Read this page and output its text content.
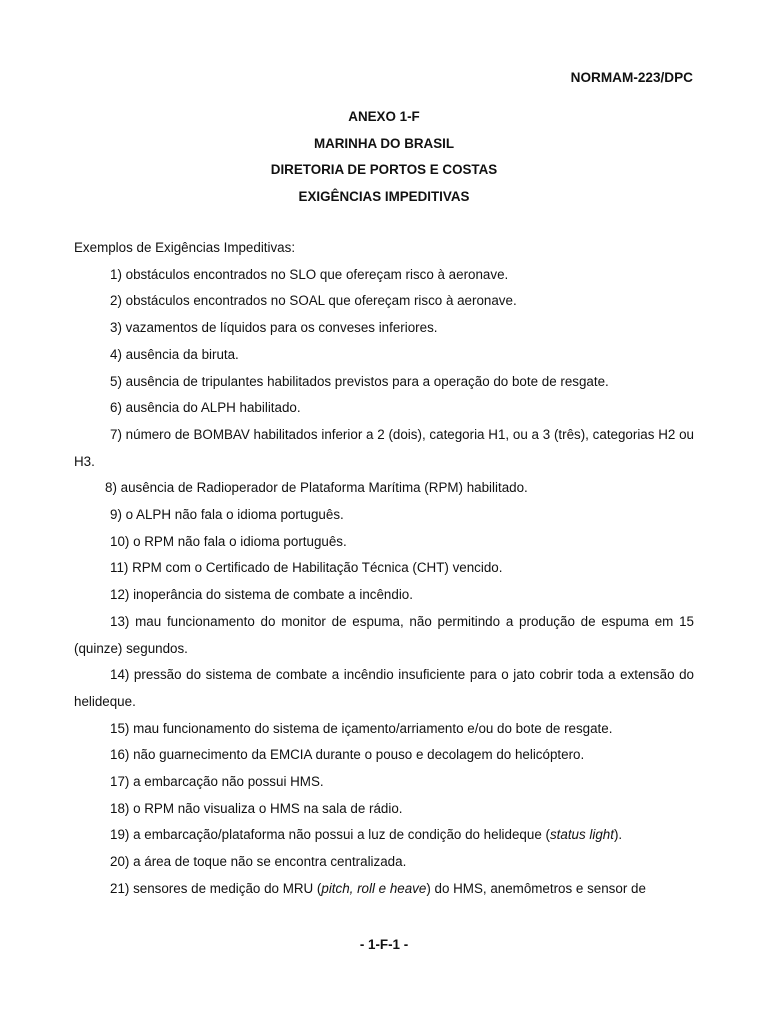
NORMAM-223/DPC
ANEXO 1-F
MARINHA DO BRASIL
DIRETORIA DE PORTOS E COSTAS
EXIGÊNCIAS IMPEDITIVAS

Exemplos de Exigências Impeditivas:

1) obstáculos encontrados no SLO que ofereçam risco à aeronave.

2) obstáculos encontrados no SOAL que ofereçam risco à aeronave.

3) vazamentos de líquidos para os conveses inferiores.

4) ausência da biruta.

5) ausência de tripulantes habilitados previstos para a operação do bote de resgate.

6) ausência do ALPH habilitado.

7) número de BOMBAV habilitados inferior a 2 (dois), categoria H1, ou a 3 (três), categorias H2 ou H3.

8) ausência de Radioperador de Plataforma Marítima (RPM) habilitado.

9) o ALPH não fala o idioma português.

10) o RPM não fala o idioma português.

11) RPM com o Certificado de Habilitação Técnica (CHT) vencido.

12) inoperância do sistema de combate a incêndio.

13) mau funcionamento do monitor de espuma, não permitindo a produção de espuma em 15 (quinze) segundos.

14) pressão do sistema de combate a incêndio insuficiente para o jato cobrir toda a extensão do helideque.

15) mau funcionamento do sistema de içamento/arriamento e/ou do bote de resgate.

16) não guarnecimento da EMCIA durante o pouso e decolagem do helicóptero.

17) a embarcação não possui HMS.

18) o RPM não visualiza o HMS na sala de rádio.

19) a embarcação/plataforma não possui a luz de condição do helideque (status light).

20) a área de toque não se encontra centralizada.

21) sensores de medição do MRU (pitch, roll e heave) do HMS, anemômetros e sensor de

- 1-F-1 -
